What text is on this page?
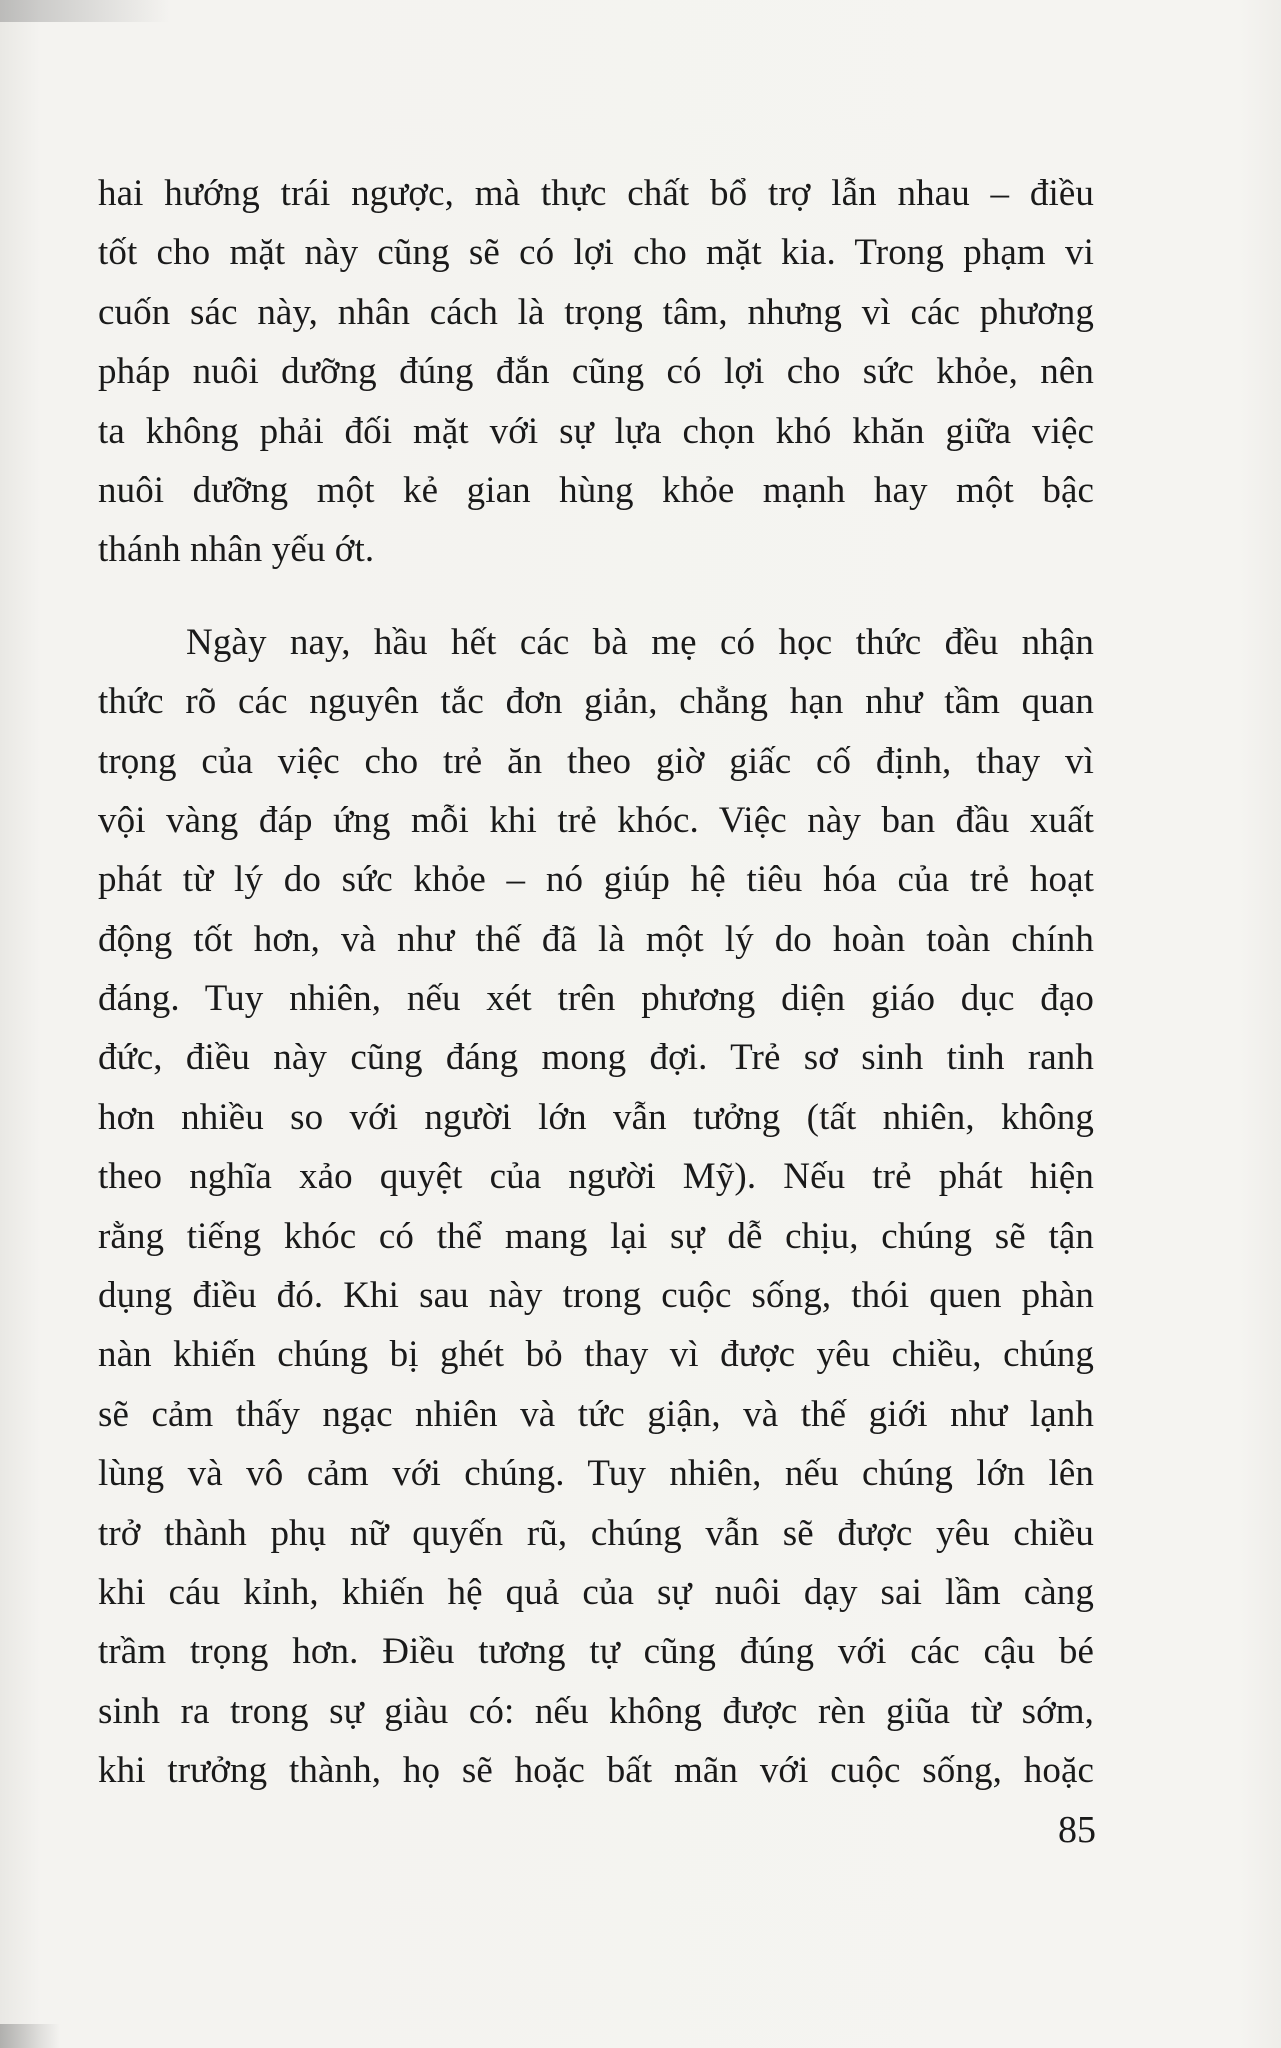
hai hướng trái ngược, mà thực chất bổ trợ lẫn nhau – điều
tốt cho mặt này cũng sẽ có lợi cho mặt kia. Trong phạm vi
cuốn sác này, nhân cách là trọng tâm, nhưng vì các phương
pháp nuôi dưỡng đúng đắn cũng có lợi cho sức khỏe, nên
ta không phải đối mặt với sự lựa chọn khó khăn giữa việc
nuôi dưỡng một kẻ gian hùng khỏe mạnh hay một bậc
thánh nhân yếu ớt.
Ngày nay, hầu hết các bà mẹ có học thức đều nhận
thức rõ các nguyên tắc đơn giản, chẳng hạn như tầm quan
trọng của việc cho trẻ ăn theo giờ giấc cố định, thay vì
vội vàng đáp ứng mỗi khi trẻ khóc. Việc này ban đầu xuất
phát từ lý do sức khỏe – nó giúp hệ tiêu hóa của trẻ hoạt
động tốt hơn, và như thế đã là một lý do hoàn toàn chính
đáng. Tuy nhiên, nếu xét trên phương diện giáo dục đạo
đức, điều này cũng đáng mong đợi. Trẻ sơ sinh tinh ranh
hơn nhiều so với người lớn vẫn tưởng (tất nhiên, không
theo nghĩa xảo quyệt của người Mỹ). Nếu trẻ phát hiện
rằng tiếng khóc có thể mang lại sự dễ chịu, chúng sẽ tận
dụng điều đó. Khi sau này trong cuộc sống, thói quen phàn
nàn khiến chúng bị ghét bỏ thay vì được yêu chiều, chúng
sẽ cảm thấy ngạc nhiên và tức giận, và thế giới như lạnh
lùng và vô cảm với chúng. Tuy nhiên, nếu chúng lớn lên
trở thành phụ nữ quyến rũ, chúng vẫn sẽ được yêu chiều
khi cáu kỉnh, khiến hệ quả của sự nuôi dạy sai lầm càng
trầm trọng hơn. Điều tương tự cũng đúng với các cậu bé
sinh ra trong sự giàu có: nếu không được rèn giũa từ sớm,
khi trưởng thành, họ sẽ hoặc bất mãn với cuộc sống, hoặc
85
